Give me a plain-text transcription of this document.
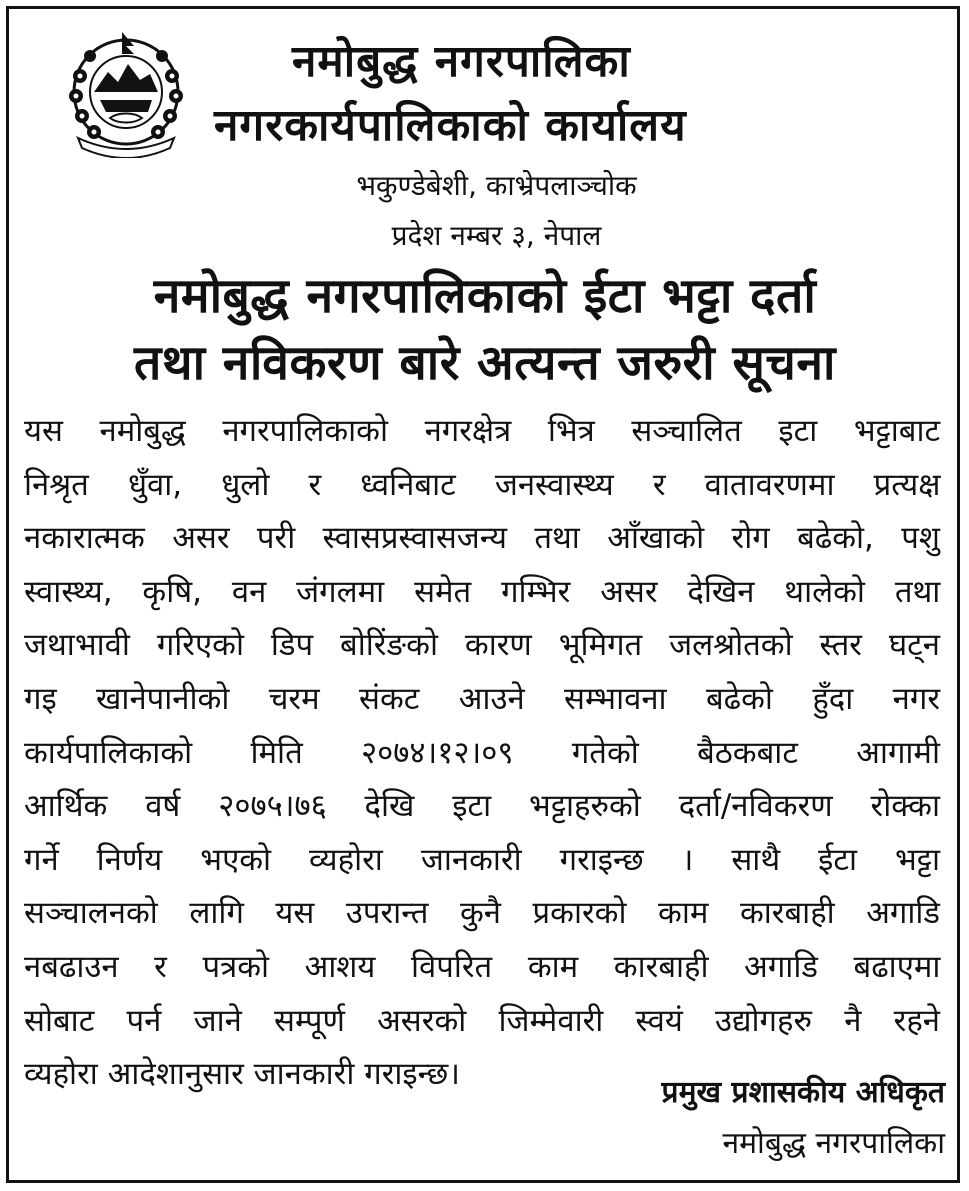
नमोबुद्ध नगरपालिका
नगरकार्यपालिकाको कार्यालय
भकुण्डेबेशी, काभ्रेपलाञ्चोक
प्रदेश नम्बर ३, नेपाल
नमोबुद्ध नगरपालिकाको ईटा भट्टा दर्ता
तथा नविकरण बारे अत्यन्त जरुरी सूचना
यस नमोबुद्ध नगरपालिकाको नगरक्षेत्र भित्र सञ्चालित इटा भट्टाबाट
निश्रृत धुँवा, धुलो र ध्वनिबाट जनस्वास्थ्य र वातावरणमा प्रत्यक्ष
नकारात्मक असर परी स्वासप्रस्वासजन्य तथा आँखाको रोग बढेको, पशु
स्वास्थ्य, कृषि, वन जंगलमा समेत गम्भिर असर देखिन थालेको तथा
जथाभावी गरिएको डिप बोरिंङको कारण भूमिगत जलश्रोतको स्तर घट्न
गइ खानेपानीको चरम संकट आउने सम्भावना बढेको हुँदा नगर
कार्यपालिकाको मिति २०७४।१२।०९ गतेको बैठकबाट आगामी
आर्थिक वर्ष २०७५।७६ देखि इटा भट्टाहरुको दर्ता/नविकरण रोक्का
गर्ने निर्णय भएको व्यहोरा जानकारी गराइन्छ । साथै ईटा भट्टा
सञ्चालनको लागि यस उपरान्त कुनै प्रकारको काम कारबाही अगाडि
नबढाउन र पत्रको आशय विपरित काम कारबाही अगाडि बढाएमा
सोबाट पर्न जाने सम्पूर्ण असरको जिम्मेवारी स्वयं उद्योगहरु नै रहने
व्यहोरा आदेशानुसार जानकारी गराइन्छ।
प्रमुख प्रशासकीय अधिकृत
नमोबुद्ध नगरपालिका
